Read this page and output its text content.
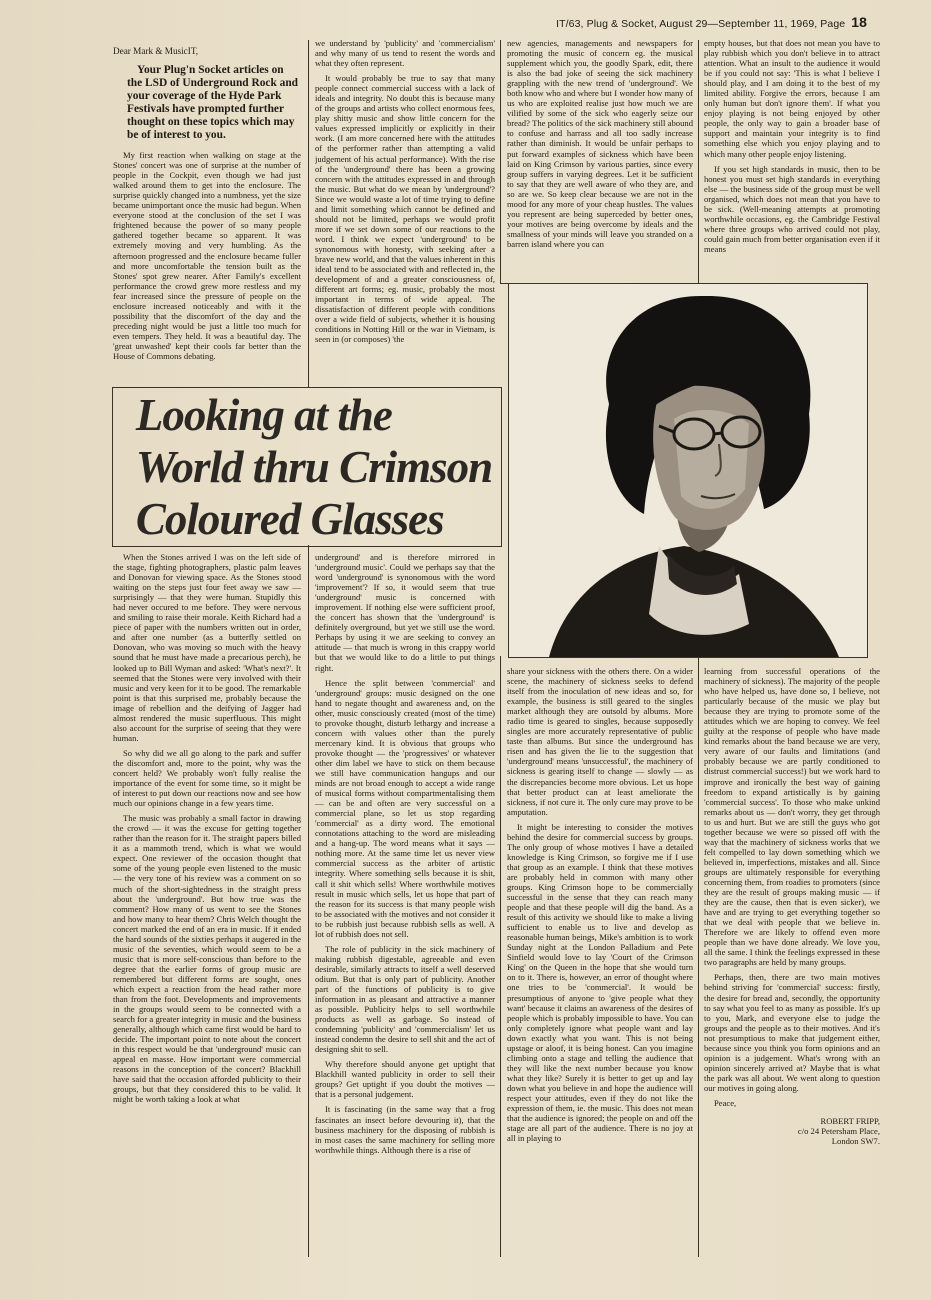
IT/63, Plug & Socket, August 29—September 11, 1969, Page 18

Dear Mark & MusicIT,

Your Plug'n Socket articles on the LSD of Underground Rock and your coverage of the Hyde Park Festivals have prompted further thought on these topics which may be of interest to you.

My first reaction when walking on stage at the Stones' concert was one of surprise at the number of people in the Cockpit, even though we had just walked around them to get into the enclosure. The surprise quickly changed into a numbness, yet the size became unimportant once the music had begun. When everyone stood at the conclusion of the set I was frightened because the power of so many people gathered together became so apparent. It was extremely moving and very humbling. As the afternoon progressed and the enclosure became fuller and more uncomfortable the tension built as the Stones' spot grew nearer. After Family's excellent performance the crowd grew more restless and my fear increased since the pressure of people on the enclosure increased noticeably and with it the possibility that the discomfort of the day and the preceding night would be just a little too much for even tempers. They held. It was a beautiful day. The 'great unwashed' kept their cools far better than the House of Commons debating.

we understand by 'publicity' and 'commercialism' and why many of us tend to resent the words and what they often represent.

It would probably be true to say that many people connect commercial success with a lack of ideals and integrity. No doubt this is because many of the groups and artists who collect enormous fees, play shitty music and show little concern for the values expressed implicitly or explicitly in their work. (I am more concerned here with the attitudes of the performer rather than attempting a valid judgement of his actual performance). With the rise of the 'underground' there has been a growing concern with the attitudes expressed in and through the music. But what do we mean by 'underground'? Since we would waste a lot of time trying to define and limit something which cannot be defined and should not be limited, perhaps we would profit more if we set down some of our reactions to the word. I think we expect 'underground' to be synonomous with honesty, with seeking after a brave new world, and that the values inherent in this ideal tend to be associated with and reflected in, the development of and a greater consciousness of, different art forms; eg. music, probably the most important in terms of wide appeal. The dissatisfaction of different people with conditions over a wide field of subjects, whether it is housing conditions in Notting Hill or the war in Vietnam, is seen in (or composes) 'the

new agencies, managements and newspapers for promoting the music of concern eg. the musical supplement which you, the goodly Spark, edit, there is also the bad joke of seeing the sick machinery grappling with the new trend of 'underground'. We both know who and where but I wonder how many of us who are exploited realise just how much we are vilified by some of the sick who eagerly seize our bread? The politics of the sick machinery still abound to confuse and harrass and all too sadly increase rather than diminish. It would be unfair perhaps to put forward examples of sickness which have been laid on King Crimson by various parties, since every group suffers in varying degrees. Let it be sufficient to say that they are well aware of who they are, and so are we. So keep clear because we are not in the mood for any more of your cheap hustles. The values you represent are being superceded by better ones, your motives are being overcome by ideals and the smallness of your minds will leave you stranded on a barren island where you can

empty houses, but that does not mean you have to play rubbish which you don't believe in to attract attention. What an insult to the audience it would be if you could not say: 'This is what I believe I should play, and I am doing it to the best of my limited ability. Forgive the errors, because I am only human but don't ignore them'. If what you enjoy playing is not being enjoyed by other people, the only way to gain a broader base of support and maintain your integrity is to find something else which you enjoy playing and to which many other people enjoy listening.

If you set high standards in music, then to be honest you must set high standards in everything else — the business side of the group must be well organised, which does not mean that you have to be sick. (Well-meaning attempts at promoting worthwhile occasions, eg. the Cambridge Festival where three groups who arrived could not play, could gain much from better organisation even if it means

Looking at the
World thru Crimson
Coloured Glasses

When the Stones arrived I was on the left side of the stage, fighting photographers, plastic palm leaves and Donovan for viewing space. As the Stones stood waiting on the steps just four feet away we saw — surprisingly — that they were human. Stupidly this had never occured to me before. They were nervous and smiling to raise their morale. Keith Richard had a piece of paper with the numbers written out in order, and after one number (as a butterfly settled on Donovan, who was moving so much with the heavy sound that he must have made a precarious perch), he looked up to Bill Wyman and asked: 'What's next?'. It seemed that the Stones were very involved with their music and very keen for it to be good. The remarkable point is that this surprised me, probably because the image of rebellion and the deifying of Jagger had almost rendered the music superfluous. This might also account for the surprise of seeing that they were human.

So why did we all go along to the park and suffer the discomfort and, more to the point, why was the concert held? We probably won't fully realise the importance of the event for some time, so it might be of interest to put down our reactions now and see how much our opinions change in a few years time.

The music was probably a small factor in drawing the crowd — it was the excuse for getting together rather than the reason for it. The straight papers billed it as a mammoth trend, which is what we would expect. One reviewer of the occasion thought that some of the young people even listened to the music — the very tone of his review was a comment on so much of the short-sightedness in the straight press about the 'underground'. But how true was the comment? How many of us went to see the Stones and how many to hear them? Chris Welch thought the concert marked the end of an era in music. If it ended the hard sounds of the sixties perhaps it augered in the music of the seventies, which would seem to be a music that is more self-conscious than before to the degree that the earlier forms of group music are remembered but different forms are sought, ones which expect a reaction from the head rather more than from the foot. Developments and improvements in the groups would seem to be connected with a search for a greater integrity in music and the business generally, although which came first would be hard to decide. The important point to note about the concert in this respect would be that 'underground' music can appeal en masse. How important were commercial reasons in the conception of the concert? Blackhill have said that the occasion afforded publicity to their groups, but that they considered this to be valid. It might be worth taking a look at what

underground' and is therefore mirrored in 'underground music'. Could we perhaps say that the word 'underground' is synonomous with the word 'improvement'? If so, it would seem that true 'underground' music is concerned with improvement. If nothing else were sufficient proof, the concert has shown that the 'underground' is definitely overground, but yet we still use the word. Perhaps by using it we are seeking to convey an attitude — that much is wrong in this crappy world but that we would like to do a little to put things right.

Hence the split between 'commercial' and 'underground' groups: music designed on the one hand to negate thought and awareness and, on the other, music consciously created (most of the time) to provoke thought, disturb lethargy and increase a concern with values other than the purely mercenary kind. It is obvious that groups who provoke thought — the 'progressives' or whatever other dim label we have to stick on them because we still have communication hangups and our minds are not broad enough to accept a wide range of musical forms without compartmentalising them — can be and often are very successful on a commercial plane, so let us stop regarding 'commercial' as a dirty word. The emotional connotations attaching to the word are misleading and a hang-up. The word means what it says — nothing more. At the same time let us never view commercial success as the arbiter of artistic integrity. Where something sells because it is shit, call it shit which sells! Where worthwhile motives result in music which sells, let us hope that part of the reason for its success is that many people wish to be associated with the motives and not consider it to be rubbish just because rubbish sells as well. A lot of rubbish does not sell.

The role of publicity in the sick machinery of making rubbish digestable, agreeable and even desirable, similarly attracts to itself a well deserved odium. But that is only part of publicity. Another part of the functions of publicity is to give information in as pleasant and attractive a manner as possible. Publicity helps to sell worthwhile products as well as garbage. So instead of condemning 'publicity' and 'commercialism' let us instead condemn the desire to sell shit and the act of designing shit to sell.

Why therefore should anyone get uptight that Blackhill wanted publicity in order to sell their groups? Get uptight if you doubt the motives — that is a personal judgement.

It is fascinating (in the same way that a frog fascinates an insect before devouring it), that the business machinery for the disposing of rubbish is in most cases the same machinery for selling more worthwhile things. Although there is a rise of

share your sickness with the others there. On a wider scene, the machinery of sickness seeks to defend itself from the inoculation of new ideas and so, for example, the business is still geared to the singles market although they are outsold by albums. More radio time is geared to singles, because supposedly singles are more accurately representative of public taste than albums. But since the underground has risen and has given the lie to the suggestion that 'underground' means 'unsuccessful', the machinery of sickness is gearing itself to change — slowly — as the discrepancies become more obvious. Let us hope that better product can at least ameliorate the sickness, if not cure it. The only cure may prove to be amputation.

It might be interesting to consider the motives behind the desire for commercial success by groups. The only group of whose motives I have a detailed knowledge is King Crimson, so forgive me if I use that group as an example. I think that these motives are probably held in common with many other groups. King Crimson hope to be commercially successful in the sense that they can reach many people and that these people will dig the band. As a result of this activity we should like to make a living sufficient to enable us to live and develop as reasonable human beings, Mike's ambition is to work Sunday night at the London Palladium and Pete Sinfield would love to lay 'Court of the Crimson King' on the Queen in the hope that she would turn on to it. There is, however, an error of thought where one tries to be 'commercial'. It would be presumptious of anyone to 'give people what they want' because it claims an awareness of the desires of people which is probably impossible to have. You can only completely ignore what people want and lay down exactly what you want. This is not being upstage or aloof, it is being honest. Can you imagine climbing onto a stage and telling the audience that they will like the next number because you know what they like? Surely it is better to get up and lay down what you believe in and hope the audience will respect your attitudes, even if they do not like the expression of them, ie. the music. This does not mean that the audience is ignored; the people on and off the stage are all part of the audience. There is no joy at all in playing to

learning from successful operations of the machinery of sickness). The majority of the people who have helped us, have done so, I believe, not particularly because of the music we play but because they are trying to promote some of the attitudes which we are hoping to convey. We feel guilty at the response of people who have made kind remarks about the band because we are very, very aware of our faults and limitations (and probably because we are partly conditioned to distrust commercial success!) but we work hard to improve and ironically the best way of gaining freedom to expand artistically is by gaining 'commercial success'. To those who make unkind remarks about us — don't worry, they get through to us and hurt. But we are still the guys who got together because we were so pissed off with the way that the machinery of sickness works that we felt compelled to lay down something which we believed in, imperfections, mistakes and all. Since groups are ultimately responsible for everything concerning them, from roadies to promoters (since they are the result of groups making music — if they are the cause, then that is even sicker), we have and are trying to get everything together so that we deal with people that we believe in. Therefore we are likely to offend even more people than we have done already. We love you, all the same. I think the feelings expressed in these two paragraphs are held by many groups.

Perhaps, then, there are two main motives behind striving for 'commercial' success: firstly, the desire for bread and, secondly, the opportunity to say what you feel to as many as possible. It's up to you, Mark, and everyone else to judge the groups and the people as to their motives. And it's not presumptious to make that judgement either, because since you think you form opinions and an opinion is a judgement. What's wrong with an opinion sincerely arrived at? Maybe that is what the park was all about. We went along to question our motives in going along.

Peace,

ROBERT FRIPP,
c/o 24 Petersham Place,
London SW7.
